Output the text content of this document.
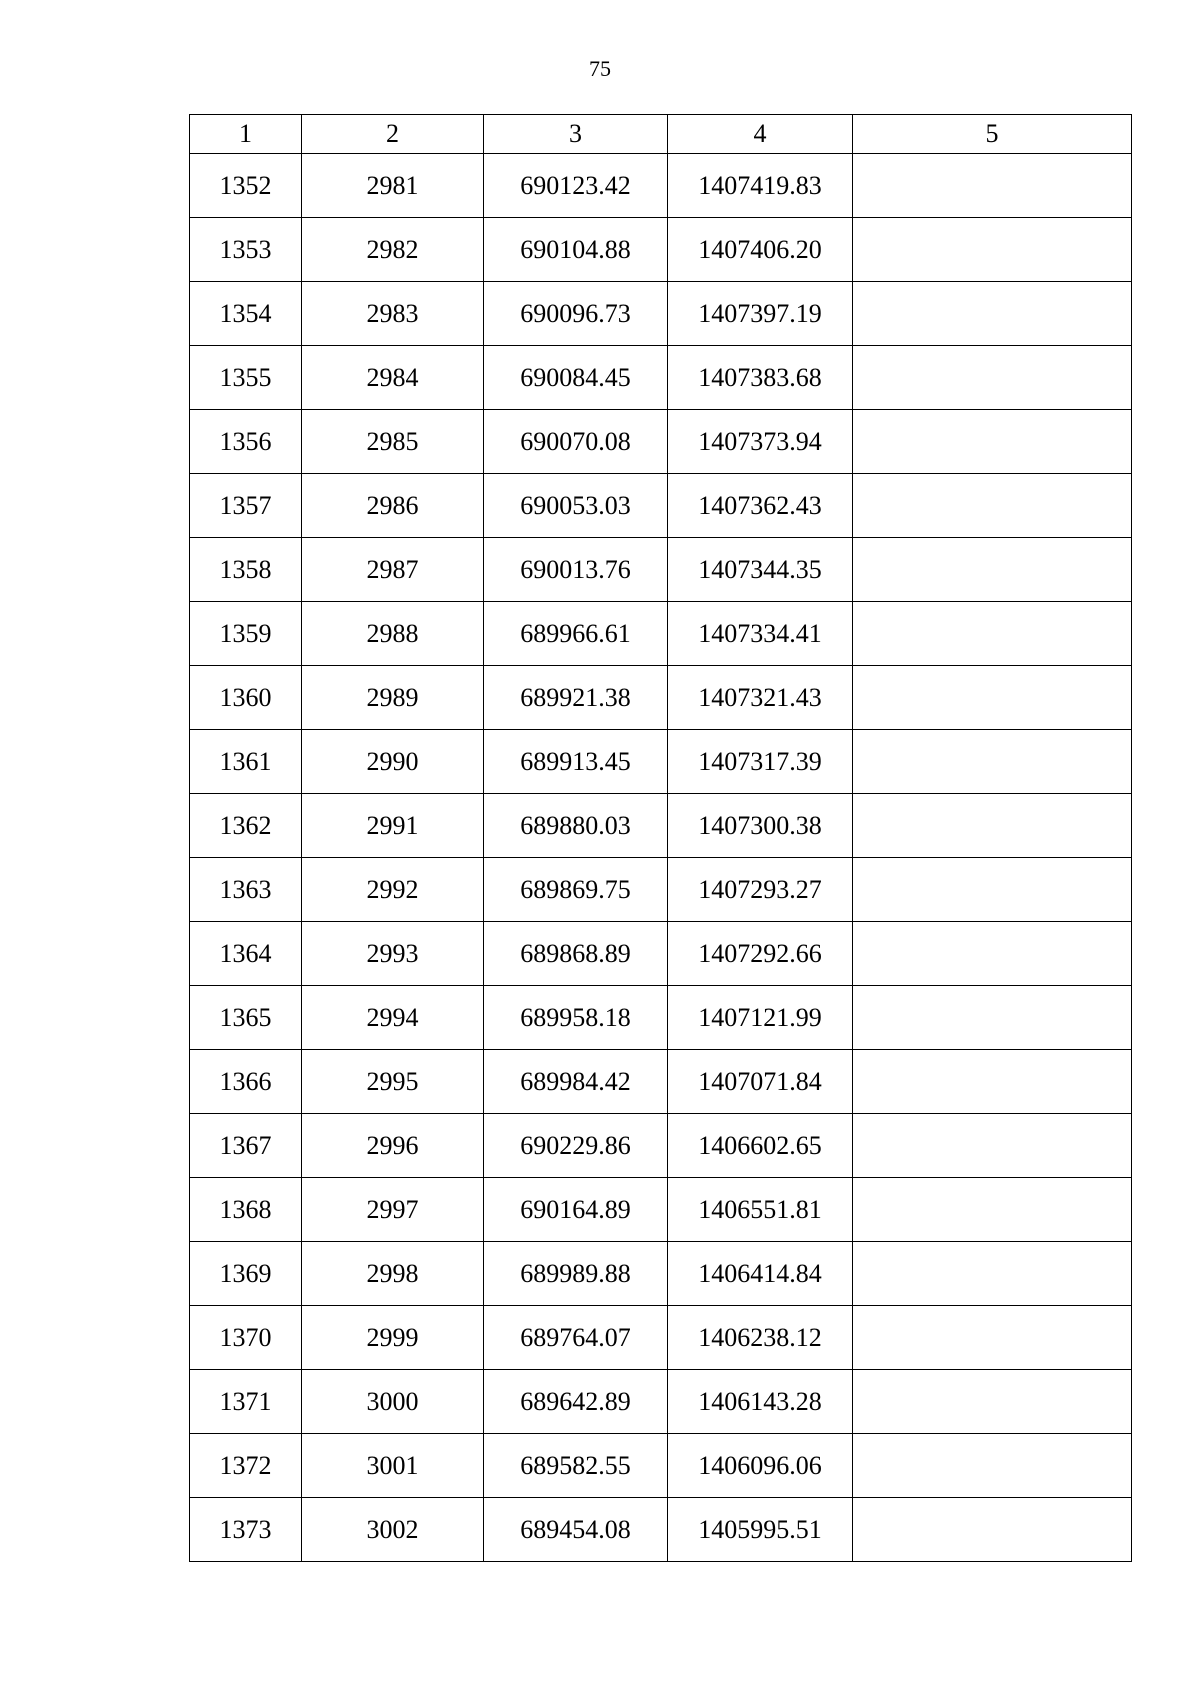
75
1	2	3	4	5
1352	2981	690123.42	1407419.83	
1353	2982	690104.88	1407406.20	
1354	2983	690096.73	1407397.19	
1355	2984	690084.45	1407383.68	
1356	2985	690070.08	1407373.94	
1357	2986	690053.03	1407362.43	
1358	2987	690013.76	1407344.35	
1359	2988	689966.61	1407334.41	
1360	2989	689921.38	1407321.43	
1361	2990	689913.45	1407317.39	
1362	2991	689880.03	1407300.38	
1363	2992	689869.75	1407293.27	
1364	2993	689868.89	1407292.66	
1365	2994	689958.18	1407121.99	
1366	2995	689984.42	1407071.84	
1367	2996	690229.86	1406602.65	
1368	2997	690164.89	1406551.81	
1369	2998	689989.88	1406414.84	
1370	2999	689764.07	1406238.12	
1371	3000	689642.89	1406143.28	
1372	3001	689582.55	1406096.06	
1373	3002	689454.08	1405995.51	
